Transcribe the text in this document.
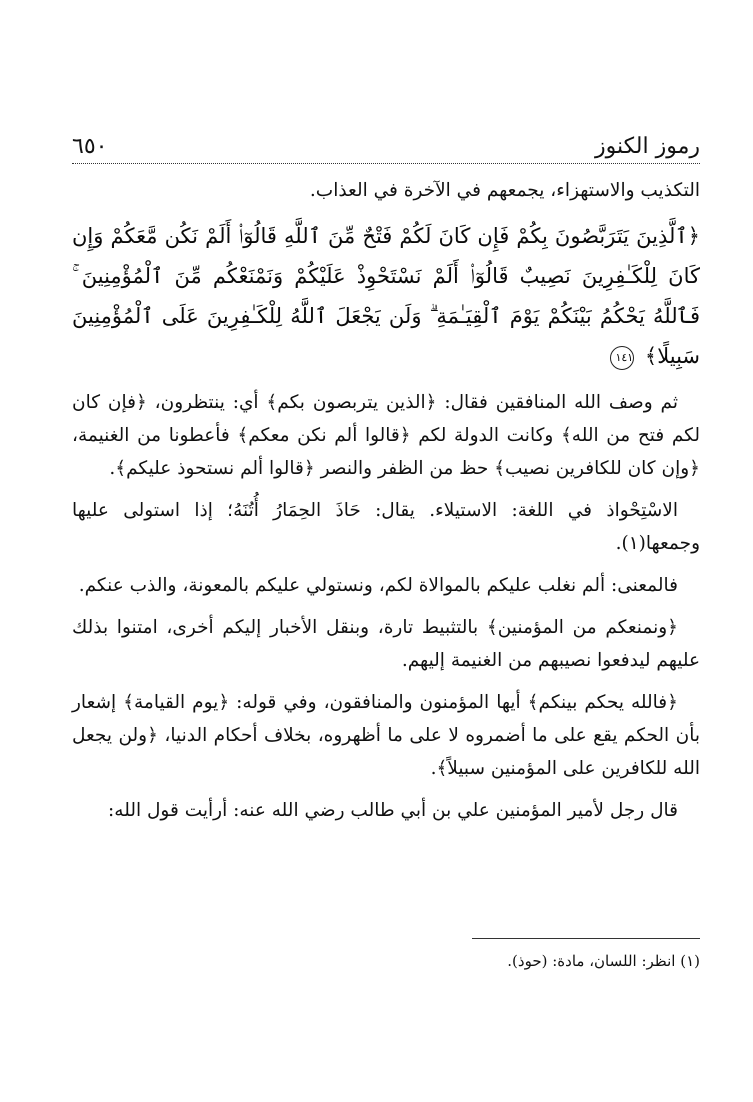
رموز الكنوز
٦٥٠

التكذيب والاستهزاء، يجمعهم في الآخرة في العذاب.

﴿ٱلَّذِينَ يَتَرَبَّصُونَ بِكُمْ فَإِن كَانَ لَكُمْ فَتْحٌ مِّنَ ٱللَّهِ قَالُوٓا۟ أَلَمْ نَكُن مَّعَكُمْ وَإِن كَانَ لِلْكَـٰفِرِينَ نَصِيبٌ قَالُوٓا۟ أَلَمْ نَسْتَحْوِذْ عَلَيْكُمْ وَنَمْنَعْكُم مِّنَ ٱلْمُؤْمِنِينَ ۚ فَٱللَّهُ يَحْكُمُ بَيْنَكُمْ يَوْمَ ٱلْقِيَـٰمَةِ ۗ وَلَن يَجْعَلَ ٱللَّهُ لِلْكَـٰفِرِينَ عَلَى ٱلْمُؤْمِنِينَ سَبِيلًا﴾ ١٤١

ثم وصف الله المنافقين فقال: ﴿الذين يتربصون بكم﴾ أي: ينتظرون، ﴿فإن كان لكم فتح من الله﴾ وكانت الدولة لكم ﴿قالوا ألم نكن معكم﴾ فأعطونا من الغنيمة، ﴿وإن كان للكافرين نصيب﴾ حظ من الظفر والنصر ﴿قالوا ألم نستحوذ عليكم﴾.

الاسْتِحْواذ في اللغة: الاستيلاء. يقال: حَاذَ الحِمَارُ أُتُنَهُ؛ إذا استولى عليها وجمعها(١).

فالمعنى: ألم نغلب عليكم بالموالاة لكم، ونستولي عليكم بالمعونة، والذب عنكم.

﴿ونمنعكم من المؤمنين﴾ بالتثبيط تارة، وبنقل الأخبار إليكم أخرى، امتنوا بذلك عليهم ليدفعوا نصيبهم من الغنيمة إليهم.

﴿فالله يحكم بينكم﴾ أيها المؤمنون والمنافقون، وفي قوله: ﴿يوم القيامة﴾ إشعار بأن الحكم يقع على ما أضمروه لا على ما أظهروه، بخلاف أحكام الدنيا، ﴿ولن يجعل الله للكافرين على المؤمنين سبيلاً﴾.

قال رجل لأمير المؤمنين علي بن أبي طالب رضي الله عنه: أرأيت قول الله:

(١) انظر: اللسان، مادة: (حوذ).
